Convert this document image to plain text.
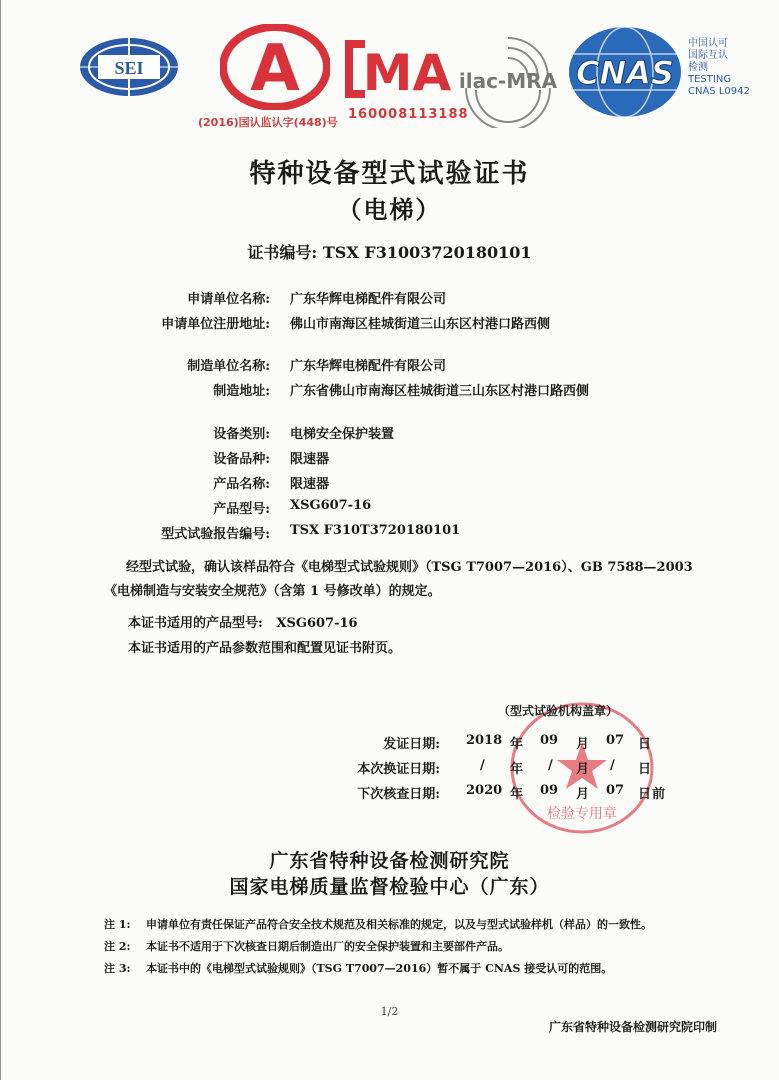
SEI A
(2016)国认监认字(448)号
MA
160008113188
ilac-MRA CNAS
中国认可
国际互认
检测
TESTING
CNAS L0942
特种设备型式试验证书
（电梯）
证书编号: TSX F31003720180101
申请单位名称: 广东华辉电梯配件有限公司
申请单位注册地址: 佛山市南海区桂城街道三山东区村港口路西侧
制造单位名称: 广东华辉电梯配件有限公司
制造地址: 广东省佛山市南海区桂城街道三山东区村港口路西侧
设备类别: 电梯安全保护装置
设备品种: 限速器
产品名称: 限速器
产品型号: XSG607-16
型式试验报告编号: TSX F310T3720180101
经型式试验，确认该样品符合《电梯型式试验规则》（TSG T7007—2016）、GB 7588—2003
《电梯制造与安装安全规范》（含第 1 号修改单）的规定。
本证书适用的产品型号: XSG607-16
本证书适用的产品参数范围和配置见证书附页。
检验专用章
（型式试验机构盖章）
发证日期: 2018 年 09 月 07 日
本次换证日期:	/ 年 / 月 / 日
下次核查日期: 2020 年 09 月 07 日 前
广东省特种设备检测研究院
国家电梯质量监督检验中心（广东）
注 1: 申请单位有责任保证产品符合安全技术规范及相关标准的规定，以及与型式试验样机（样品）的一致性。
注 2: 本证书不适用于下次核查日期后制造出厂的安全保护装置和主要部件产品。
注 3: 本证书中的《电梯型式试验规则》（TSG T7007—2016）暂不属于 CNAS 接受认可的范围。
1/2
广东省特种设备检测研究院印制
